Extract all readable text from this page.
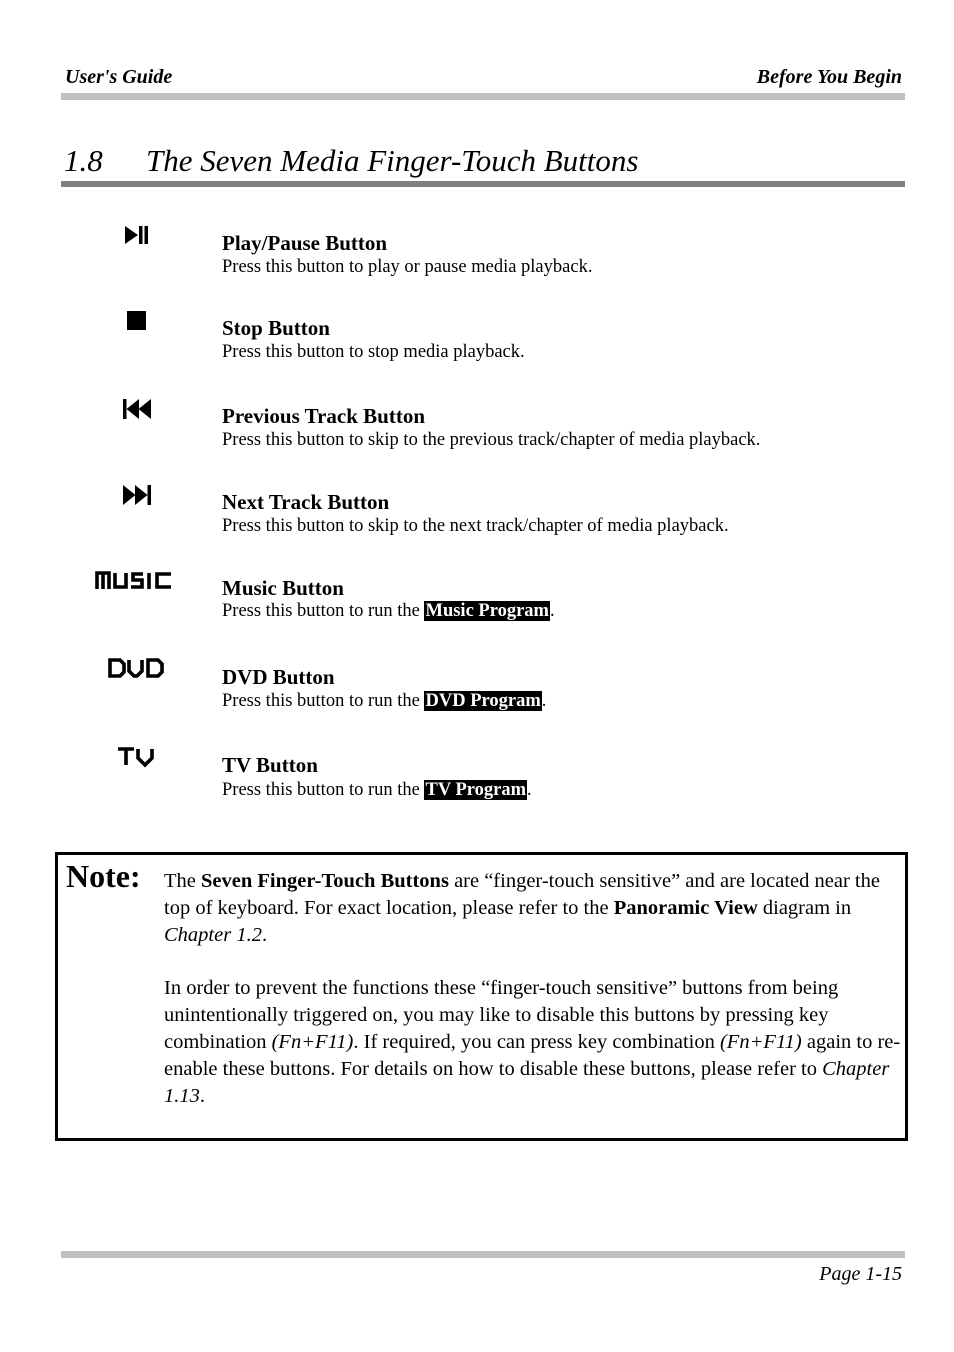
User's Guide	Before You Begin
1.8 The Seven Media Finger-Touch Buttons
Play/Pause Button
Press this button to play or pause media playback.
Stop Button
Press this button to stop media playback.
Previous Track Button
Press this button to skip to the previous track/chapter of media playback.
Next Track Button
Press this button to skip to the next track/chapter of media playback.
Music Button
Press this button to run the Music Program.
DVD Button
Press this button to run the DVD Program.
TV Button
Press this button to run the TV Program.
Note: The Seven Finger-Touch Buttons are “finger-touch sensitive” and are located near the top of keyboard. For exact location, please refer to the Panoramic View diagram in Chapter 1.2.

In order to prevent the functions these “finger-touch sensitive” buttons from being unintentionally triggered on, you may like to disable this buttons by pressing key combination (Fn+F11). If required, you can press key combination (Fn+F11) again to re-enable these buttons. For details on how to disable these buttons, please refer to Chapter 1.13.

Page 1-15
